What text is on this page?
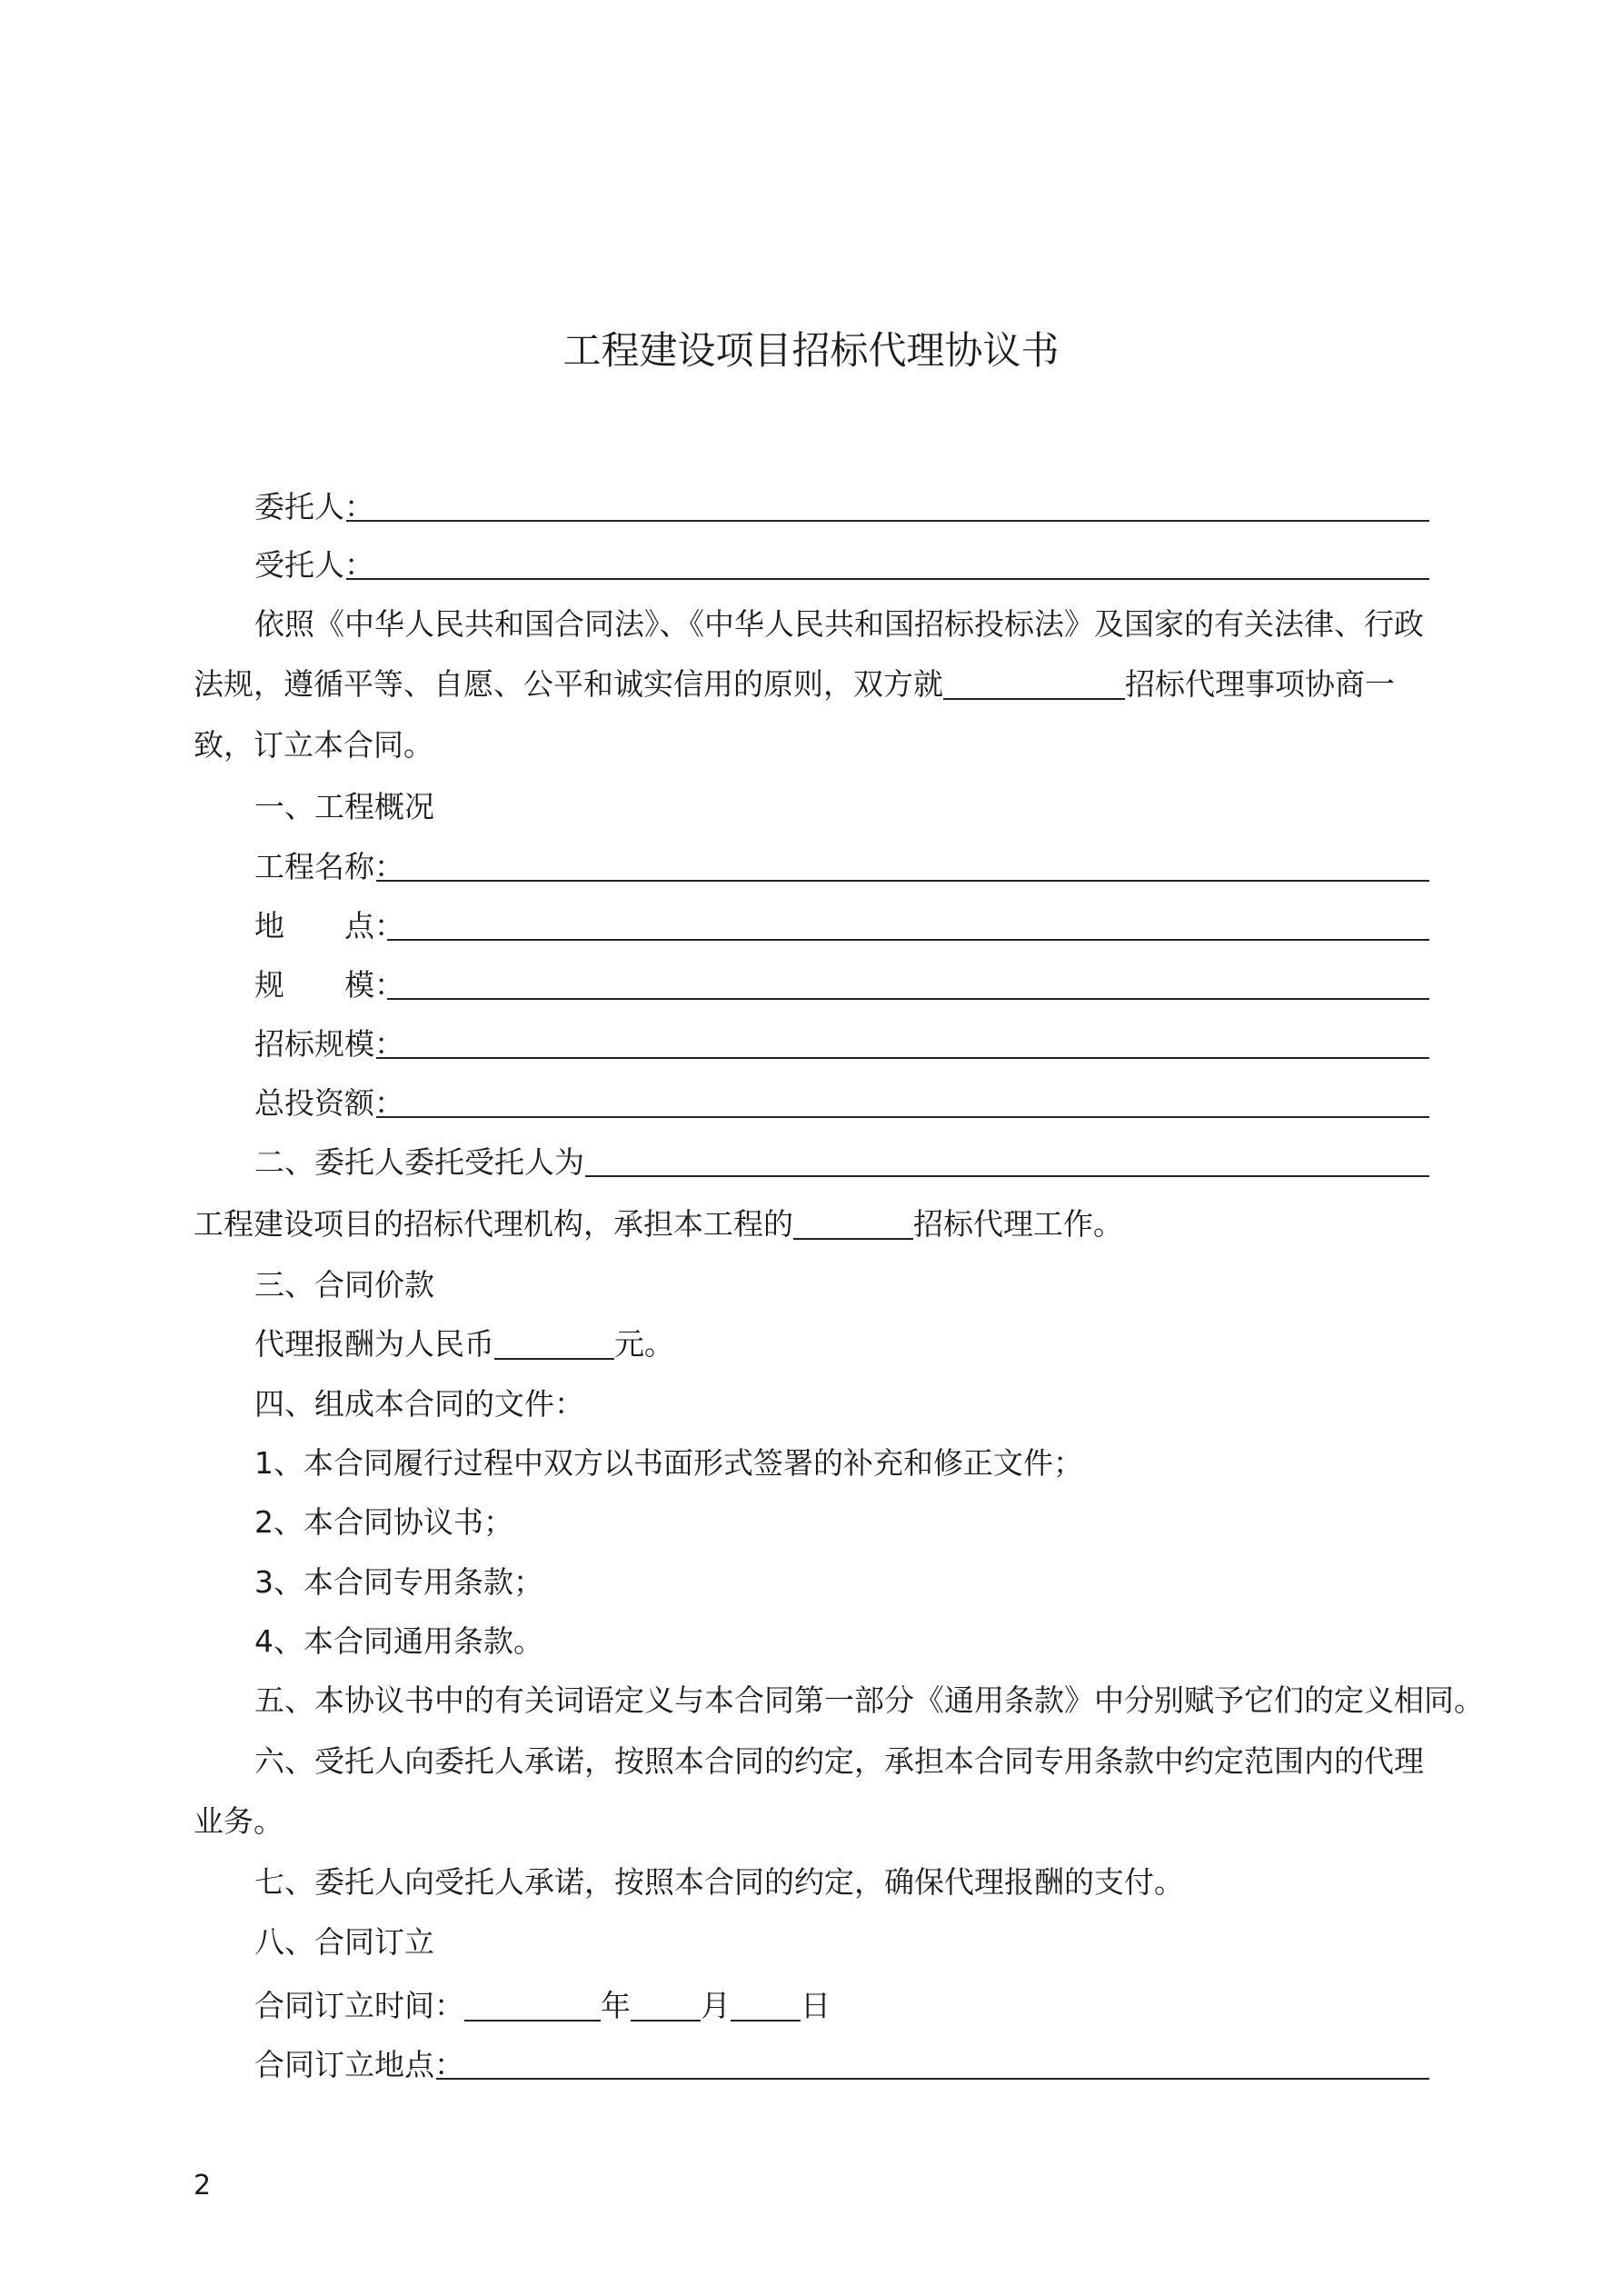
工程建设项目招标代理协议书
委托人：
受托人：
依照《中华人民共和国合同法》、《中华人民共和国招标投标法》及国家的有关法律、行政
法规，遵循平等、自愿、公平和诚实信用的原则，双方就	招标代理事项协商一
致，订立本合同。
一、工程概况
工程名称：
地　　点：
规　　模：
招标规模：
总投资额：
二、委托人委托受托人为
工程建设项目的招标代理机构，承担本工程的	招标代理工作。
三、合同价款
代理报酬为人民币	元。
四、组成本合同的文件：
1、本合同履行过程中双方以书面形式签署的补充和修正文件；
2、本合同协议书；
3、本合同专用条款；
4、本合同通用条款。
五、本协议书中的有关词语定义与本合同第一部分《通用条款》中分别赋予它们的定义相同。
六、受托人向委托人承诺，按照本合同的约定，承担本合同专用条款中约定范围内的代理
业务。
七、委托人向受托人承诺，按照本合同的约定，确保代理报酬的支付。
八、合同订立
合同订立时间：	年 月 日
合同订立地点：
2
